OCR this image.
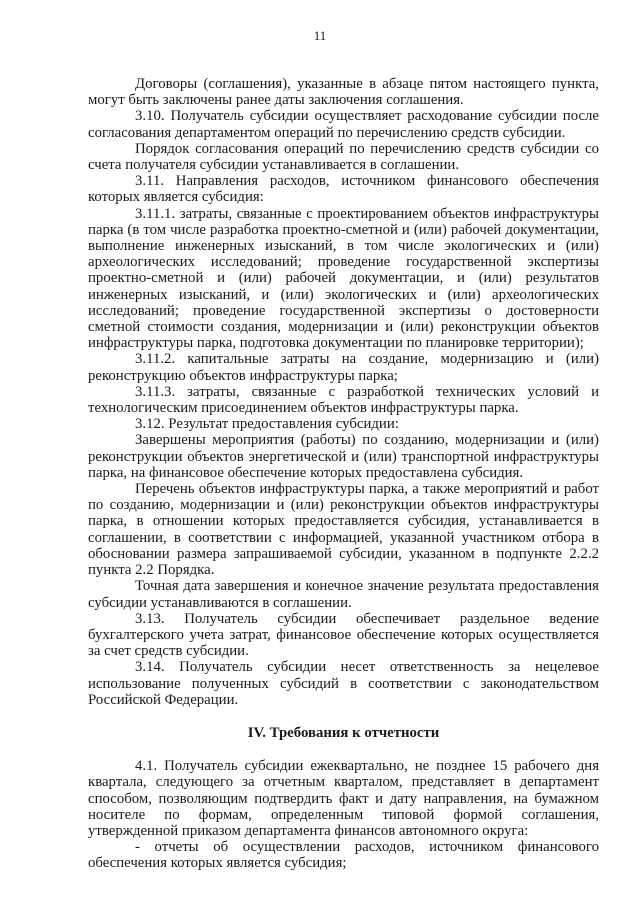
11

Договоры (соглашения), указанные в абзаце пятом настоящего пункта, могут быть заключены ранее даты заключения соглашения.

3.10. Получатель субсидии осуществляет расходование субсидии после согласования департаментом операций по перечислению средств субсидии.

Порядок согласования операций по перечислению средств субсидии со счета получателя субсидии устанавливается в соглашении.

3.11. Направления расходов, источником финансового обеспечения которых является субсидия:

3.11.1. затраты, связанные с проектированием объектов инфраструктуры парка (в том числе разработка проектно-сметной и (или) рабочей документации, выполнение инженерных изысканий, в том числе экологических и (или) археологических исследований; проведение государственной экспертизы проектно-сметной и (или) рабочей документации, и (или) результатов инженерных изысканий, и (или) экологических и (или) археологических исследований; проведение государственной экспертизы о достоверности сметной стоимости создания, модернизации и (или) реконструкции объектов инфраструктуры парка, подготовка документации по планировке территории);

3.11.2. капитальные затраты на создание, модернизацию и (или) реконструкцию объектов инфраструктуры парка;

3.11.3. затраты, связанные с разработкой технических условий и технологическим присоединением объектов инфраструктуры парка.

3.12. Результат предоставления субсидии:

Завершены мероприятия (работы) по созданию, модернизации и (или) реконструкции объектов энергетической и (или) транспортной инфраструктуры парка, на финансовое обеспечение которых предоставлена субсидия.

Перечень объектов инфраструктуры парка, а также мероприятий и работ по созданию, модернизации и (или) реконструкции объектов инфраструктуры парка, в отношении которых предоставляется субсидия, устанавливается в соглашении, в соответствии с информацией, указанной участником отбора в обосновании размера запрашиваемой субсидии, указанном в подпункте 2.2.2 пункта 2.2 Порядка.

Точная дата завершения и конечное значение результата предоставления субсидии устанавливаются в соглашении.

3.13. Получатель субсидии обеспечивает раздельное ведение бухгалтерского учета затрат, финансовое обеспечение которых осуществляется за счет средств субсидии.

3.14. Получатель субсидии несет ответственность за нецелевое использование полученных субсидий в соответствии с законодательством Российской Федерации.

IV. Требования к отчетности

4.1. Получатель субсидии ежеквартально, не позднее 15 рабочего дня квартала, следующего за отчетным кварталом, представляет в департамент способом, позволяющим подтвердить факт и дату направления, на бумажном носителе по формам, определенным типовой формой соглашения, утвержденной приказом департамента финансов автономного округа:

- отчеты об осуществлении расходов, источником финансового обеспечения которых является субсидия;
